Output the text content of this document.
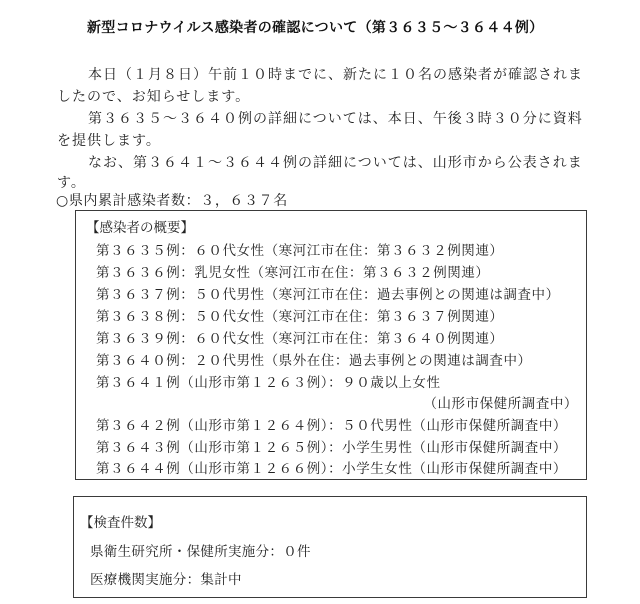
新型コロナウイルス感染者の確認について（第３６３５～３６４４例）
本日（１月８日）午前１０時までに、新たに１０名の感染者が確認されま
したので、お知らせします。
第３６３５～３６４０例の詳細については、本日、午後３時３０分に資料
を提供します。
なお、第３６４１～３６４４例の詳細については、山形市から公表されま
す。
○県内累計感染者数：３，６３７名
【感染者の概要】
第３６３５例：６０代女性（寒河江市在住：第３６３２例関連）
第３６３６例：乳児女性（寒河江市在住：第３６３２例関連）
第３６３７例：５０代男性（寒河江市在住：過去事例との関連は調査中）
第３６３８例：５０代女性（寒河江市在住：第３６３７例関連）
第３６３９例：６０代女性（寒河江市在住：第３６４０例関連）
第３６４０例：２０代男性（県外在住：過去事例との関連は調査中）
第３６４１例（山形市第１２６３例）：９０歳以上女性
（山形市保健所調査中）
第３６４２例（山形市第１２６４例）：５０代男性（山形市保健所調査中）
第３６４３例（山形市第１２６５例）：小学生男性（山形市保健所調査中）
第３６４４例（山形市第１２６６例）：小学生女性（山形市保健所調査中）
【検査件数】
県衛生研究所・保健所実施分：０件
医療機関実施分：集計中
